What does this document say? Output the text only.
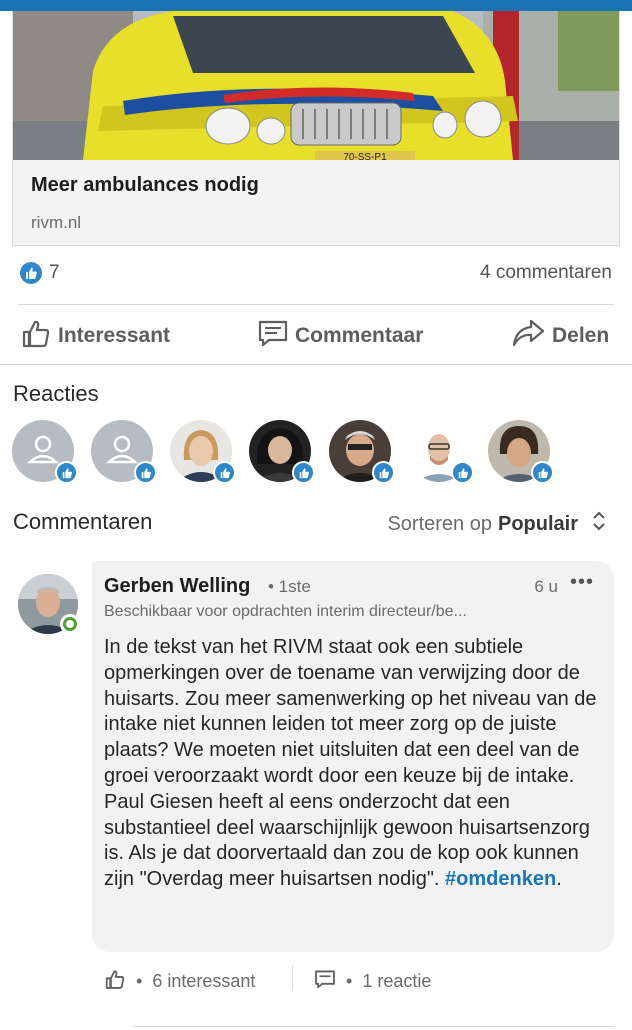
70-SS-P1
Meer ambulances nodig
rivm.nl
7	4 commentaren
Interessant	Commentaar	Delen
Reacties
Commentaren	Sorteren op Populair
Gerben Welling • 1ste	6 u •••
Beschikbaar voor opdrachten interim directeur/be...
In de tekst van het RIVM staat ook een subtiele opmerkingen over de toename van verwijzing door de huisarts. Zou meer samenwerking op het niveau van de intake niet kunnen leiden tot meer zorg op de juiste plaats? We moeten niet uitsluiten dat een deel van de groei veroorzaakt wordt door een keuze bij de intake. Paul Giesen heeft al eens onderzocht dat een substantieel deel waarschijnlijk gewoon huisartsenzorg is. Als je dat doorvertaald dan zou de kop ook kunnen zijn "Overdag meer huisartsen nodig". #omdenken.
• 6 interessant	• 1 reactie
